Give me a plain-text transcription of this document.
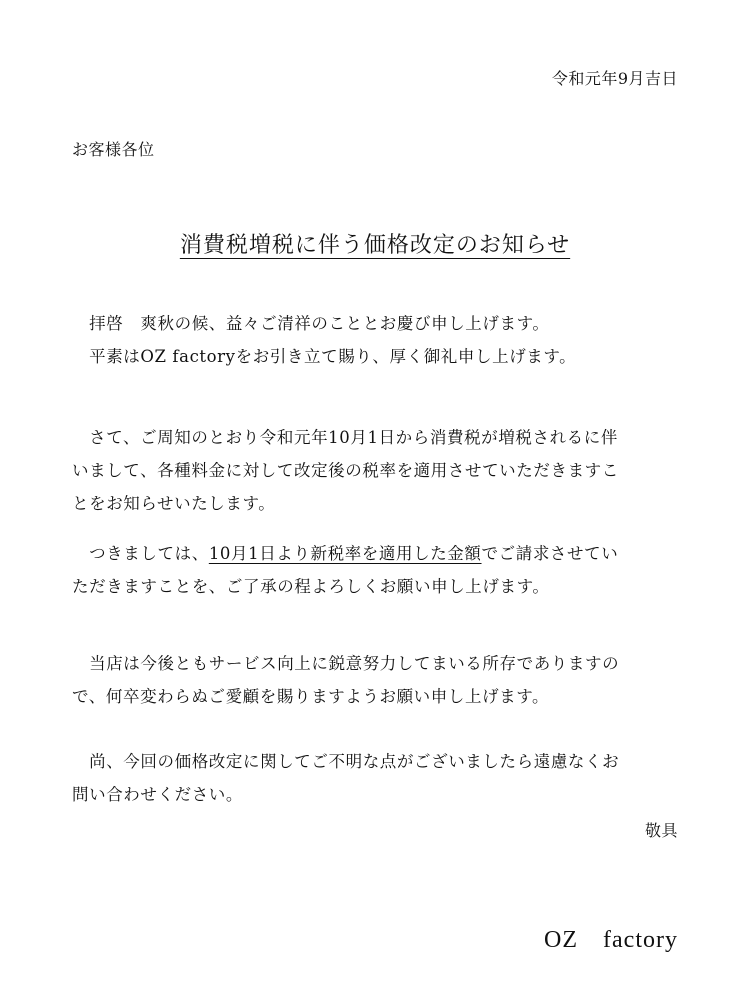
令和元年9月吉日
お客様各位
消費税増税に伴う価格改定のお知らせ

　拝啓　爽秋の候、益々ご清祥のこととお慶び申し上げます。
　平素はOZ factoryをお引き立て賜り、厚く御礼申し上げます。

　さて、ご周知のとおり令和元年10月1日から消費税が増税されるに伴
いまして、各種料金に対して改定後の税率を適用させていただきますこ
とをお知らせいたします。

　つきましては、10月1日より新税率を適用した金額でご請求させてい
ただきますことを、ご了承の程よろしくお願い申し上げます。

　当店は今後ともサービス向上に鋭意努力してまいる所存でありますの
で、何卒変わらぬご愛顧を賜りますようお願い申し上げます。

　尚、今回の価格改定に関してご不明な点がございましたら遠慮なくお
問い合わせください。

敬具
OZ　factory
